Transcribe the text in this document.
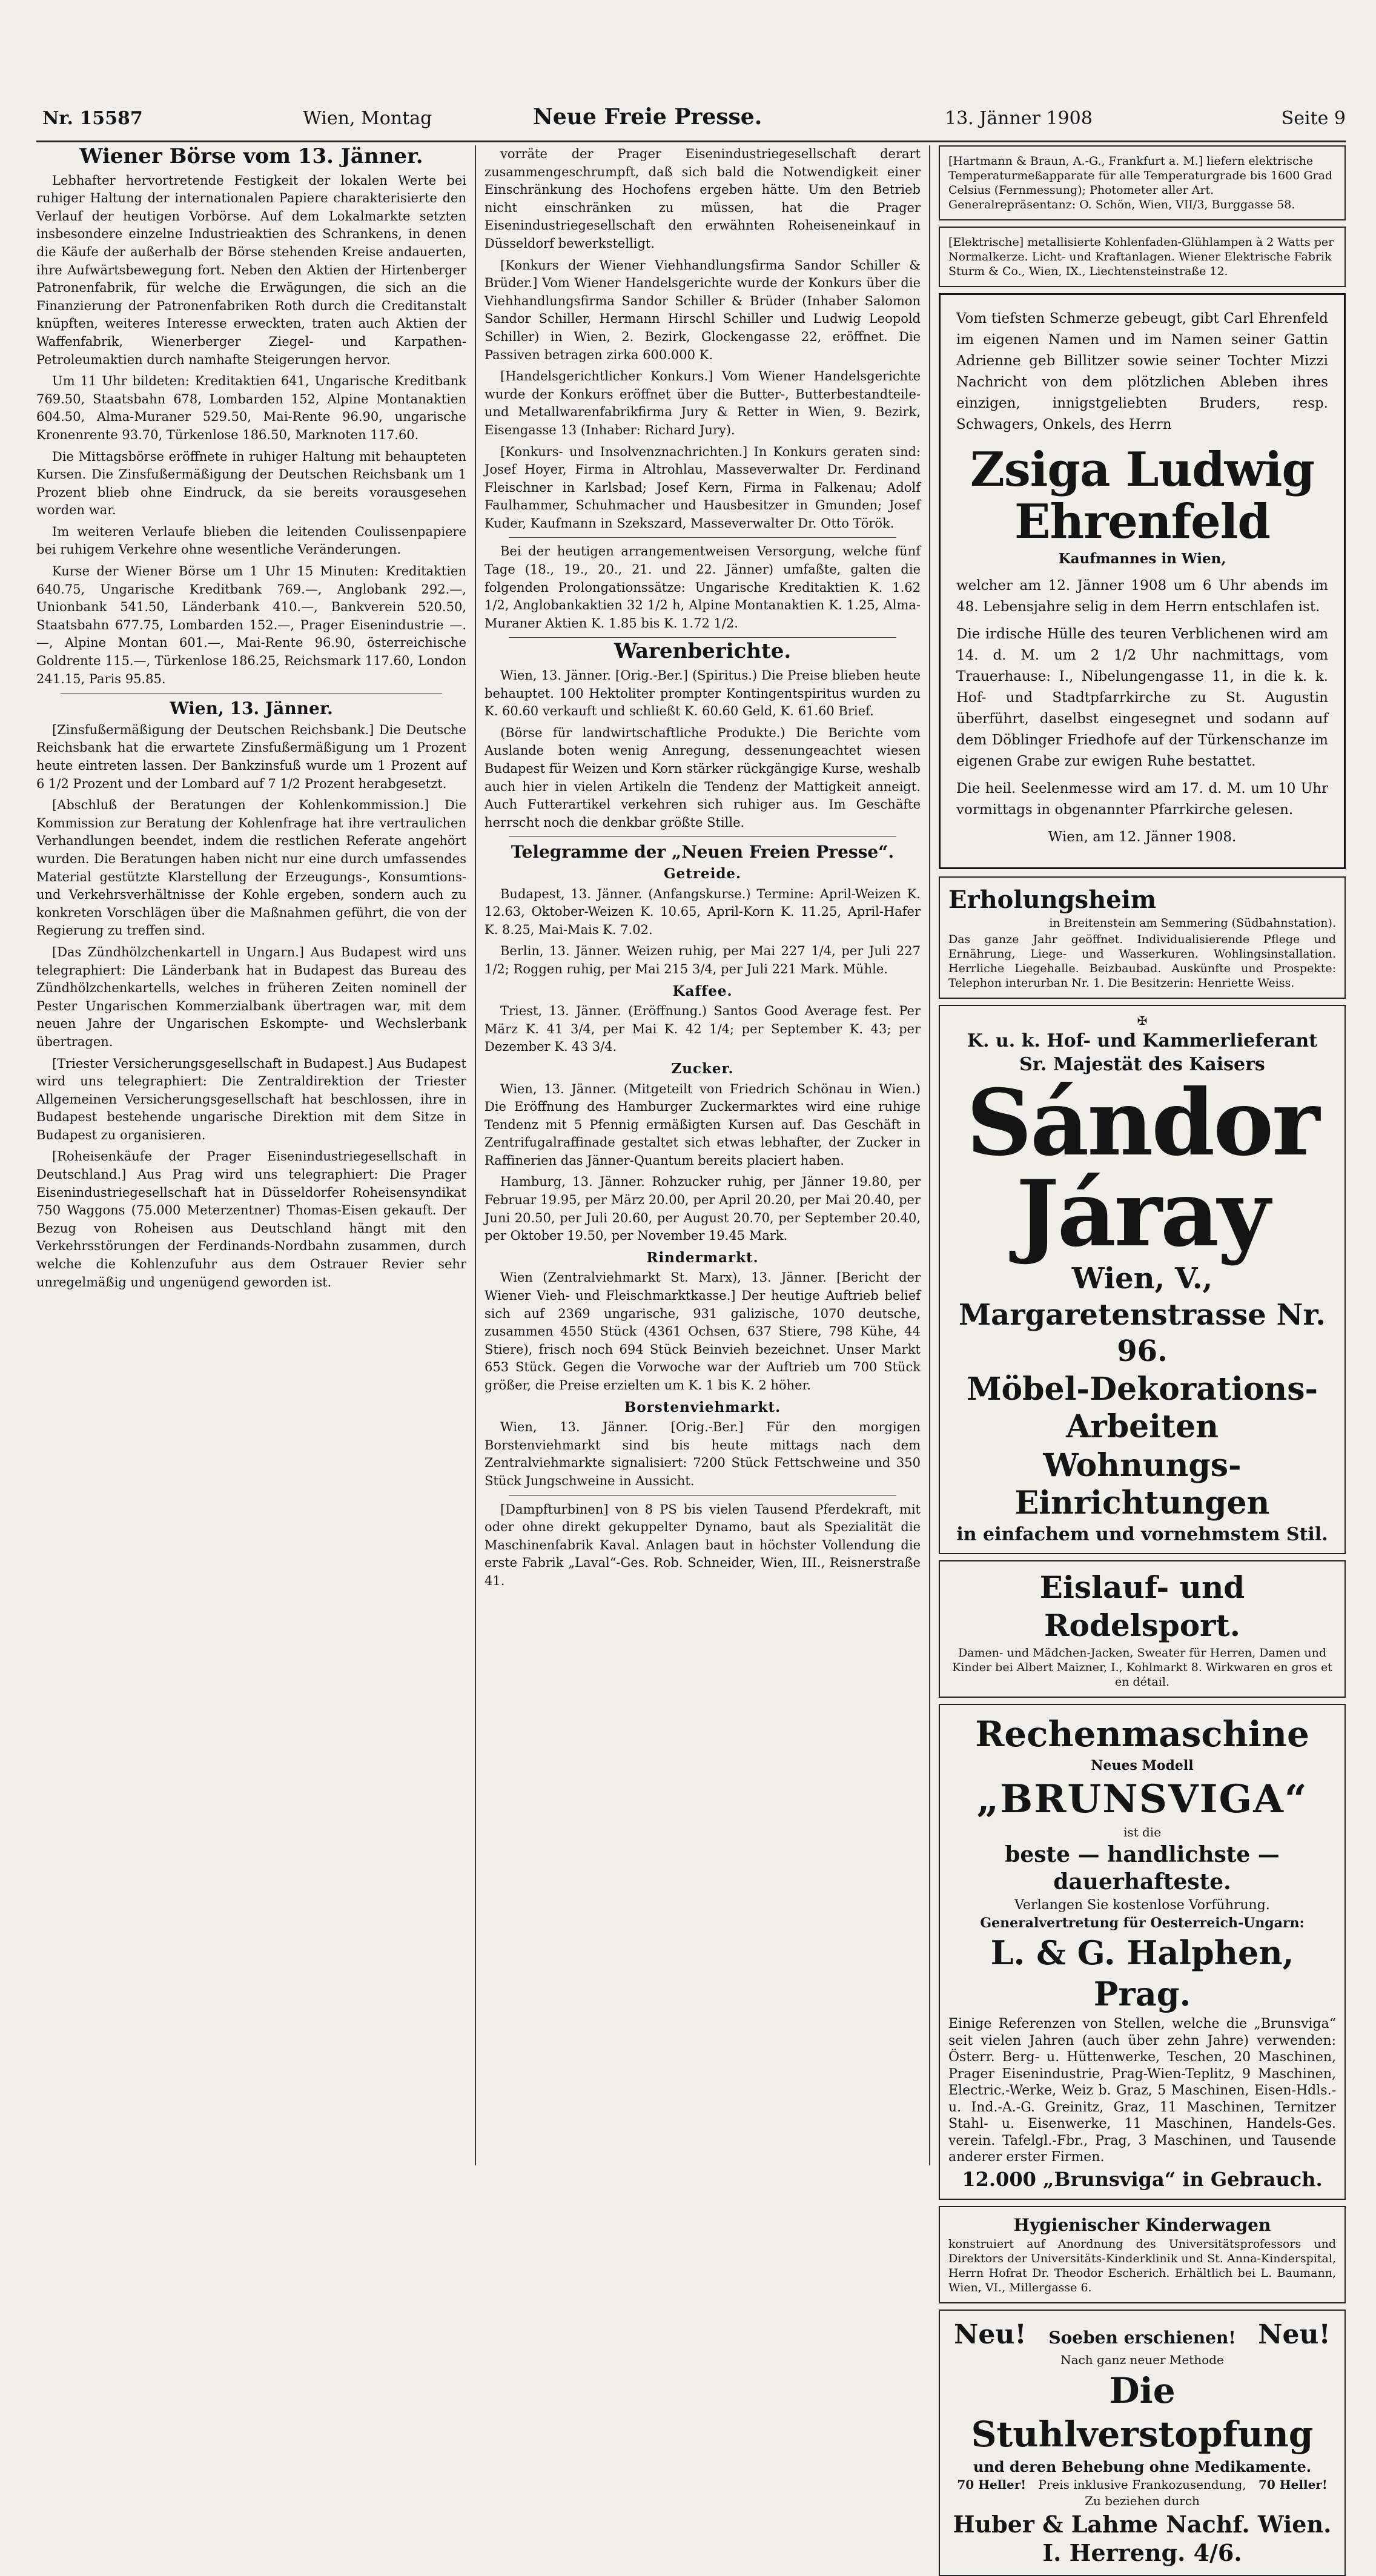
Nr. 15587	Wien, Montag	Neue Freie Presse.	13. Jänner 1908	Seite 9
Wiener Börse vom 13. Jänner.

Lebhafter hervortretende Festigkeit der lokalen Werte bei ruhiger Haltung der internationalen Papiere charakterisierte den Verlauf der heutigen Vorbörse. Auf dem Lokalmarkte setzten insbesondere einzelne Industrieaktien des Schrankens, in denen die Käufe der außerhalb der Börse stehenden Kreise andauerten, ihre Aufwärtsbewegung fort. Neben den Aktien der Hirtenberger Patronenfabrik, für welche die Erwägungen, die sich an die Finanzierung der Patronenfabriken Roth durch die Creditanstalt knüpften, weiteres Interesse erweckten, traten auch Aktien der Waffenfabrik, Wienerberger Ziegel- und Karpathen-Petroleumaktien durch namhafte Steigerungen hervor.

Um 11 Uhr bildeten: Kreditaktien 641, Ungarische Kreditbank 769.50, Staatsbahn 678, Lombarden 152, Alpine Montanaktien 604.50, Alma-Muraner 529.50, Mai-Rente 96.90, ungarische Kronenrente 93.70, Türkenlose 186.50, Marknoten 117.60.

Die Mittagsbörse eröffnete in ruhiger Haltung mit behaupteten Kursen. Die Zinsfußermäßigung der Deutschen Reichsbank um 1 Prozent blieb ohne Eindruck, da sie bereits vorausgesehen worden war.

Im weiteren Verlaufe blieben die leitenden Coulissenpapiere bei ruhigem Verkehre ohne wesentliche Veränderungen.

Kurse der Wiener Börse um 1 Uhr 15 Minuten: Kreditaktien 640.75, Ungarische Kreditbank 769.—, Anglobank 292.—, Unionbank 541.50, Länderbank 410.—, Bankverein 520.50, Staatsbahn 677.75, Lombarden 152.—, Prager Eisenindustrie —.—, Alpine Montan 601.—, Mai-Rente 96.90, österreichische Goldrente 115.—, Türkenlose 186.25, Reichsmark 117.60, London 241.15, Paris 95.85.

Wien, 13. Jänner.

[Zinsfußermäßigung der Deutschen Reichsbank.] Die Deutsche Reichsbank hat die erwartete Zinsfußermäßigung um 1 Prozent heute eintreten lassen. Der Bankzinsfuß wurde um 1 Prozent auf 6 1/2 Prozent und der Lombard auf 7 1/2 Prozent herabgesetzt.

[Abschluß der Beratungen der Kohlenkommission.] Die Kommission zur Beratung der Kohlenfrage hat ihre vertraulichen Verhandlungen beendet, indem die restlichen Referate angehört wurden. Die Beratungen haben nicht nur eine durch umfassendes Material gestützte Klarstellung der Erzeugungs-, Konsumtions- und Verkehrsverhältnisse der Kohle ergeben, sondern auch zu konkreten Vorschlägen über die Maßnahmen geführt, die von der Regierung zu treffen sind.

[Das Zündhölzchenkartell in Ungarn.] Aus Budapest wird uns telegraphiert: Die Länderbank hat in Budapest das Bureau des Zündhölzchenkartells, welches in früheren Zeiten nominell der Pester Ungarischen Kommerzialbank übertragen war, mit dem neuen Jahre der Ungarischen Eskompte- und Wechslerbank übertragen.

[Triester Versicherungsgesellschaft in Budapest.] Aus Budapest wird uns telegraphiert: Die Zentraldirektion der Triester Allgemeinen Versicherungsgesellschaft hat beschlossen, ihre in Budapest bestehende ungarische Direktion mit dem Sitze in Budapest zu organisieren.

[Roheisenkäufe der Prager Eisenindustriegesellschaft in Deutschland.] Aus Prag wird uns telegraphiert: Die Prager Eisenindustriegesellschaft hat in Düsseldorfer Roheisensyndikat 750 Waggons (75.000 Meterzentner) Thomas-Eisen gekauft. Der Bezug von Roheisen aus Deutschland hängt mit den Verkehrsstörungen der Ferdinands-Nordbahn zusammen, durch welche die Kohlenzufuhr aus dem Ostrauer Revier sehr unregelmäßig und ungenügend geworden ist.

vorräte der Prager Eisenindustriegesellschaft derart zusammengeschrumpft, daß sich bald die Notwendigkeit einer Einschränkung des Hochofens ergeben hätte. Um den Betrieb nicht einschränken zu müssen, hat die Prager Eisenindustriegesellschaft den erwähnten Roheiseneinkauf in Düsseldorf bewerkstelligt.

[Konkurs der Wiener Viehhandlungsfirma Sandor Schiller & Brüder.] Vom Wiener Handelsgerichte wurde der Konkurs über die Viehhandlungsfirma Sandor Schiller & Brüder (Inhaber Salomon Sandor Schiller, Hermann Hirschl Schiller und Ludwig Leopold Schiller) in Wien, 2. Bezirk, Glockengasse 22, eröffnet. Die Passiven betragen zirka 600.000 K.

[Handelsgerichtlicher Konkurs.] Vom Wiener Handelsgerichte wurde der Konkurs eröffnet über die Butter-, Butterbestandteile- und Metallwarenfabrikfirma Jury & Retter in Wien, 9. Bezirk, Eisengasse 13 (Inhaber: Richard Jury).

[Konkurs- und Insolvenznachrichten.] In Konkurs geraten sind: Josef Hoyer, Firma in Altrohlau, Masseverwalter Dr. Ferdinand Fleischner in Karlsbad; Josef Kern, Firma in Falkenau; Adolf Faulhammer, Schuhmacher und Hausbesitzer in Gmunden; Josef Kuder, Kaufmann in Szekszard, Masseverwalter Dr. Otto Török.

Bei der heutigen arrangementweisen Versorgung, welche fünf Tage (18., 19., 20., 21. und 22. Jänner) umfaßte, galten die folgenden Prolongationssätze: Ungarische Kreditaktien K. 1.62 1/2, Anglobankaktien 32 1/2 h, Alpine Montanaktien K. 1.25, Alma-Muraner Aktien K. 1.85 bis K. 1.72 1/2.

Warenberichte.

Wien, 13. Jänner. [Orig.-Ber.] (Spiritus.) Die Preise blieben heute behauptet. 100 Hektoliter prompter Kontingentspiritus wurden zu K. 60.60 verkauft und schließt K. 60.60 Geld, K. 61.60 Brief.

(Börse für landwirtschaftliche Produkte.) Die Berichte vom Auslande boten wenig Anregung, dessenungeachtet wiesen Budapest für Weizen und Korn stärker rückgängige Kurse, weshalb auch hier in vielen Artikeln die Tendenz der Mattigkeit anneigt. Auch Futterartikel verkehren sich ruhiger aus. Im Geschäfte herrscht noch die denkbar größte Stille.

Telegramme der „Neuen Freien Presse“.
Getreide.

Budapest, 13. Jänner. (Anfangskurse.) Termine: April-Weizen K. 12.63, Oktober-Weizen K. 10.65, April-Korn K. 11.25, April-Hafer K. 8.25, Mai-Mais K. 7.02.

Berlin, 13. Jänner. Weizen ruhig, per Mai 227 1/4, per Juli 227 1/2; Roggen ruhig, per Mai 215 3/4, per Juli 221 Mark. Mühle.

Kaffee.

Triest, 13. Jänner. (Eröffnung.) Santos Good Average fest. Per März K. 41 3/4, per Mai K. 42 1/4; per September K. 43; per Dezember K. 43 3/4.

Zucker.

Wien, 13. Jänner. (Mitgeteilt von Friedrich Schönau in Wien.) Die Eröffnung des Hamburger Zuckermarktes wird eine ruhige Tendenz mit 5 Pfennig ermäßigten Kursen auf. Das Geschäft in Zentrifugalraffinade gestaltet sich etwas lebhafter, der Zucker in Raffinerien das Jänner-Quantum bereits placiert haben.

Hamburg, 13. Jänner. Rohzucker ruhig, per Jänner 19.80, per Februar 19.95, per März 20.00, per April 20.20, per Mai 20.40, per Juni 20.50, per Juli 20.60, per August 20.70, per September 20.40, per Oktober 19.50, per November 19.45 Mark.

Rindermarkt.

Wien (Zentralviehmarkt St. Marx), 13. Jänner. [Bericht der Wiener Vieh- und Fleischmarktkasse.] Der heutige Auftrieb belief sich auf 2369 ungarische, 931 galizische, 1070 deutsche, zusammen 4550 Stück (4361 Ochsen, 637 Stiere, 798 Kühe, 44 Stiere), frisch noch 694 Stück Beinvieh bezeichnet. Unser Markt 653 Stück. Gegen die Vorwoche war der Auftrieb um 700 Stück größer, die Preise erzielten um K. 1 bis K. 2 höher.

Borstenviehmarkt.

Wien, 13. Jänner. [Orig.-Ber.] Für den morgigen Borstenviehmarkt sind bis heute mittags nach dem Zentralviehmarkte signalisiert: 7200 Stück Fettschweine und 350 Stück Jungschweine in Aussicht.

[Dampfturbinen] von 8 PS bis vielen Tausend Pferdekraft, mit oder ohne direkt gekuppelter Dynamo, baut als Spezialität die Maschinenfabrik Kaval. Anlagen baut in höchster Vollendung die erste Fabrik „Laval“-Ges. Rob. Schneider, Wien, III., Reisnerstraße 41.

[Hartmann & Braun, A.-G., Frankfurt a. M.] liefern elektrische Temperaturmeßapparate für alle Temperaturgrade bis 1600 Grad Celsius (Fernmessung); Photometer aller Art. Generalrepräsentanz: O. Schön, Wien, VII/3, Burggasse 58.

[Elektrische] metallisierte Kohlenfaden-Glühlampen à 2 Watts per Normalkerze. Licht- und Kraftanlagen. Wiener Elektrische Fabrik Sturm & Co., Wien, IX., Liechtensteinstraße 12.

Vom tiefsten Schmerze gebeugt, gibt Carl Ehrenfeld im eigenen Namen und im Namen seiner Gattin Adrienne geb Billitzer sowie seiner Tochter Mizzi Nachricht von dem plötzlichen Ableben ihres einzigen, innigstgeliebten Bruders, resp. Schwagers, Onkels, des Herrn

Zsiga Ludwig Ehrenfeld

Kaufmannes in Wien,

welcher am 12. Jänner 1908 um 6 Uhr abends im 48. Lebensjahre selig in dem Herrn entschlafen ist.

Die irdische Hülle des teuren Verblichenen wird am 14. d. M. um 2 1/2 Uhr nachmittags, vom Trauerhause: I., Nibelungengasse 11, in die k. k. Hof- und Stadtpfarrkirche zu St. Augustin überführt, daselbst eingesegnet und sodann auf dem Döblinger Friedhofe auf der Türkenschanze im eigenen Grabe zur ewigen Ruhe bestattet.

Die heil. Seelenmesse wird am 17. d. M. um 10 Uhr vormittags in obgenannter Pfarrkirche gelesen.

Wien, am 12. Jänner 1908.

Erholungsheim

in Breitenstein am Semmering (Südbahnstation).

Das ganze Jahr geöffnet. Individualisierende Pflege und Ernährung, Liege- und Wasserkuren. Wohlingsinstallation. Herrliche Liegehalle. Beizbaubad. Auskünfte und Prospekte: Telephon interurban Nr. 1. Die Besitzerin: Henriette Weiss.

✠

K. u. k. Hof- und Kammerlieferant

Sr. Majestät des Kaisers

Sándor Járay

Wien, V., Margaretenstrasse Nr. 96.

Möbel-Dekorations-Arbeiten

Wohnungs-Einrichtungen

in einfachem und vornehmstem Stil.

Eislauf- und Rodelsport.

Damen- und Mädchen-Jacken, Sweater für Herren, Damen und Kinder bei Albert Maizner, I., Kohlmarkt 8. Wirkwaren en gros et en détail.

Rechenmaschine

Neues Modell

„BRUNSVIGA“

ist die

beste — handlichste — dauerhafteste.

Verlangen Sie kostenlose Vorführung.

Generalvertretung für Oesterreich-Ungarn:

L. & G. Halphen, Prag.

Einige Referenzen von Stellen, welche die „Brunsviga“ seit vielen Jahren (auch über zehn Jahre) verwenden: Österr. Berg- u. Hüttenwerke, Teschen, 20 Maschinen, Prager Eisenindustrie, Prag-Wien-Teplitz, 9 Maschinen, Electric.-Werke, Weiz b. Graz, 5 Maschinen, Eisen-Hdls.- u. Ind.-A.-G. Greinitz, Graz, 11 Maschinen, Ternitzer Stahl- u. Eisenwerke, 11 Maschinen, Handels-Ges. verein. Tafelgl.-Fbr., Prag, 3 Maschinen, und Tausende anderer erster Firmen.

12.000 „Brunsviga“ in Gebrauch.

Hygienischer Kinderwagen

konstruiert auf Anordnung des Universitätsprofessors und Direktors der Universitäts-Kinderklinik und St. Anna-Kinderspital, Herrn Hofrat Dr. Theodor Escherich. Erhältlich bei L. Baumann, Wien, VI., Millergasse 6.

Neu! Soeben erschienen! Neu!

Nach ganz neuer Methode

Die Stuhlverstopfung

und deren Behebung ohne Medikamente.

70 Heller! Preis inklusive Frankozusendung, 70 Heller!

Zu beziehen durch

Huber & Lahme Nachf. Wien. I. Herreng. 4/6.
